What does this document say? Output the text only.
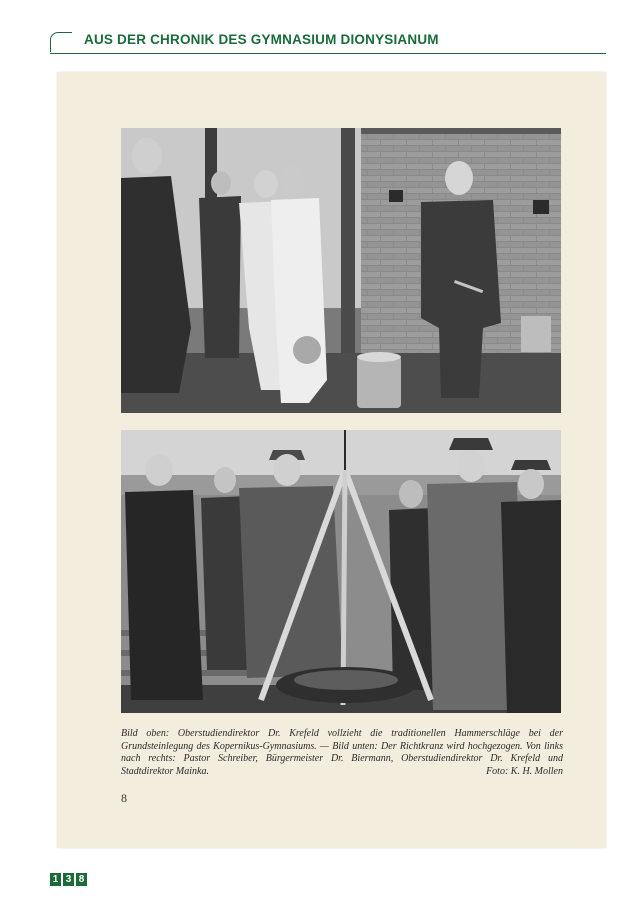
AUS DER CHRONIK DES GYMNASIUM DIONYSIANUM
Bild oben: Oberstudiendirektor Dr. Krefeld vollzieht die traditionellen Hammerschläge bei der Grundsteinlegung des Kopernikus-Gymnasiums. — Bild unten: Der Richtkranz wird hochgezogen. Von links nach rechts: Pastor Schreiber, Bürgermeister Dr. Biermann, Oberstudiendirektor Dr. Krefeld und Stadtdirektor Mainka.	Foto: K. H. Mollen
8
1 3 8
